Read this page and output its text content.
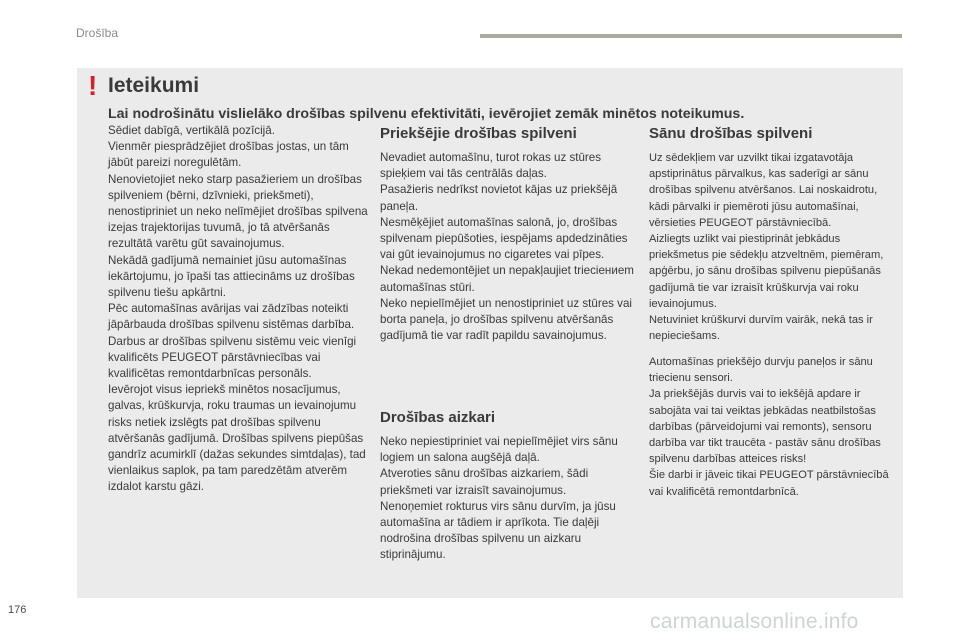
Drošība
! Ieteikumi
Lai nodrošinātu vislielāko drošības spilvenu efektivitāti, ievērojiet zemāk minētos noteikumus.

Sēdiet dabīgā, vertikālā pozīcijā.

Vienmēr piesprādzējiet drošības jostas, un tām jābūt pareizi noregulētām.

Nenovietojiet neko starp pasažieriem un drošības spilveniem (bērni, dzīvnieki, priekšmeti), nenostipriniet un neko nelīmējiet drošības spilvena izejas trajektorijas tuvumā, jo tā atvēršanās rezultātā varētu gūt savainojumus.

Nekādā gadījumā nemainiet jūsu automašīnas iekārtojumu, jo īpaši tas attiecināms uz drošības spilvenu tiešu apkārtni.

Pēc automašīnas avārijas vai zādzības noteikti jāpārbauda drošības spilvenu sistēmas darbība.

Darbus ar drošības spilvenu sistēmu veic vienīgi kvalificēts PEUGEOT pārstāvniecības vai kvalificētas remontdarbnīcas personāls.

Ievērojot visus iepriekš minētos nosacījumus, galvas, krūškurvja, roku traumas un ievainojumu risks netiek izslēgts pat drošības spilvenu atvēršanās gadījumā. Drošības spilvens piepūšas gandrīz acumirklī (dažas sekundes simtdaļas), tad vienlaikus saplok, pa tam paredzētām atverēm izdalot karstu gāzi.

Priekšējie drošības spilveni

Nevadiet automašīnu, turot rokas uz stūres spieķiem vai tās centrālās daļas.

Pasažieris nedrīkst novietot kājas uz priekšējā paneļa.

Nesmēķējiet automašīnas salonā, jo, drošības spilvenam piepūšoties, iespējams apdedzināties vai gūt ievainojumus no cigaretes vai pīpes.

Nekad nedemontējiet un nepakļaujiet trieciениem automašīnas stūri.

Neko nepielīmējiet un nenostipriniet uz stūres vai borta paneļa, jo drošības spilvenu atvēršanās gadījumā tie var radīt papildu savainojumus.

Drošības aizkari

Neko nepiestipriniet vai nepielīmējiet virs sānu logiem un salona augšējā daļā.

Atveroties sānu drošības aizkariem, šādi priekšmeti var izraisīt savainojumus.

Nenoņemiet rokturus virs sānu durvīm, ja jūsu automašīna ar tādiem ir aprīkota. Tie daļēji nodrošina drošības spilvenu un aizkaru stiprinājumu.

Sānu drošības spilveni

Uz sēdekļiem var uzvilkt tikai izgatavotāja apstiprinātus pārvalkus, kas saderīgi ar sānu drošības spilvenu atvēršanos. Lai noskaidrotu, kādi pārvalki ir piemēroti jūsu automašīnai, vērsieties PEUGEOT pārstāvniecībā.

Aizliegts uzlikt vai piestiprināt jebkādus priekšmetus pie sēdekļu atzveltnēm, piemēram, apģērbu, jo sānu drošības spilvenu piepūšanās gadījumā tie var izraisīt krūškurvja vai roku ievainojumus.

Netuviniet krūškurvi durvīm vairāk, nekā tas ir nepieciešams.

Automašīnas priekšējo durvju paneļos ir sānu triecienu sensori.

Ja priekšējās durvis vai to iekšējā apdare ir sabojāta vai tai veiktas jebkādas neatbilstošas darbības (pārveidojumi vai remonts), sensoru darbība var tikt traucēta - pastāv sānu drošības spilvenu darbības atteices risks!

Šie darbi ir jāveic tikai PEUGEOT pārstāvniecībā vai kvalificētā remontdarbnīcā.

176	carmanualsonline.info
